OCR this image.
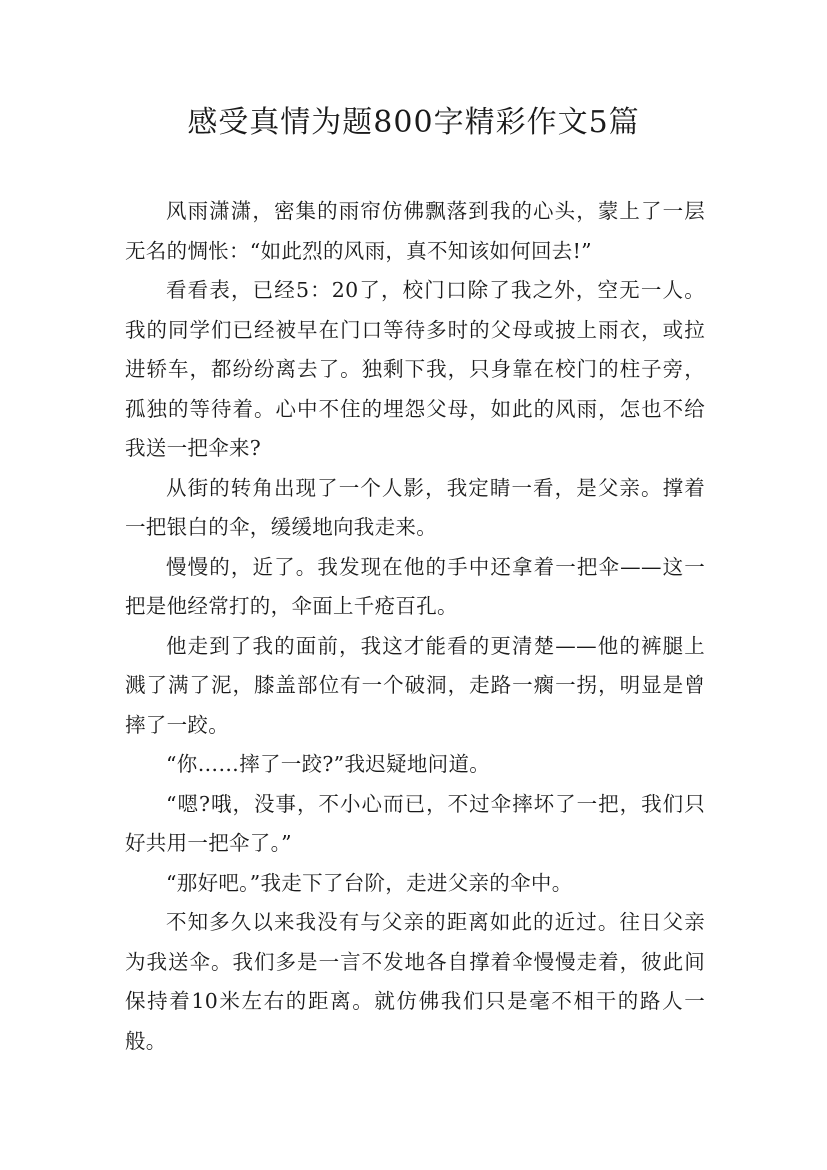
感受真情为题800字精彩作文5篇

风雨潇潇，密集的雨帘仿佛飘落到我的心头，蒙上了一层无名的惆怅：“如此烈的风雨，真不知该如何回去!”

看看表，已经5：20了，校门口除了我之外，空无一人。我的同学们已经被早在门口等待多时的父母或披上雨衣，或拉进轿车，都纷纷离去了。独剩下我，只身靠在校门的柱子旁，孤独的等待着。心中不住的埋怨父母，如此的风雨，怎也不给我送一把伞来?

从街的转角出现了一个人影，我定睛一看，是父亲。撑着一把银白的伞，缓缓地向我走来。

慢慢的，近了。我发现在他的手中还拿着一把伞——这一把是他经常打的，伞面上千疮百孔。

他走到了我的面前，我这才能看的更清楚——他的裤腿上溅了满了泥，膝盖部位有一个破洞，走路一瘸一拐，明显是曾摔了一跤。

“你……摔了一跤?”我迟疑地问道。

“嗯?哦，没事，不小心而已，不过伞摔坏了一把，我们只好共用一把伞了。”

“那好吧。”我走下了台阶，走进父亲的伞中。

不知多久以来我没有与父亲的距离如此的近过。往日父亲为我送伞。我们多是一言不发地各自撑着伞慢慢走着，彼此间保持着10米左右的距离。就仿佛我们只是毫不相干的路人一般。
